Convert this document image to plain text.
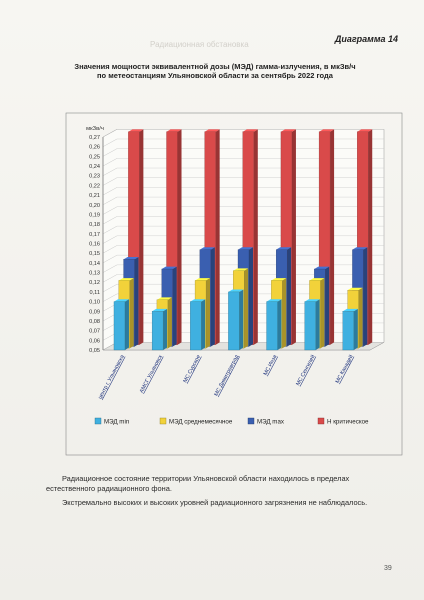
Радиационная обстановка
Диаграмма 14
Значения мощности эквивалентной дозы (МЭД) гамма-излучения, в мкЗв/ч
по метеостанциям Ульяновской области за сентябрь 2022 года
0,05
0,06
0,07
0,08
0,09
0,10
0,11
0,12
0,13
0,14
0,15
0,16
0,17
0,18
0,19
0,20
0,21
0,22
0,23
0,24
0,25
0,26
0,27
мкЗв/ч
центр г. Ульяновска АМСГ Ульяновск	МС Сурское МС Димитровград	МС Инза	МС Сенгилей	МС Канадей
МЭД min	МЭД среднемесячное	МЭД max	Н критическое
Радиационное состояние территории Ульяновской области находилось в пределах
естественного радиационного фона.
Экстремально высоких и высоких уровней радиационного загрязнения не наблюдалось.
39
